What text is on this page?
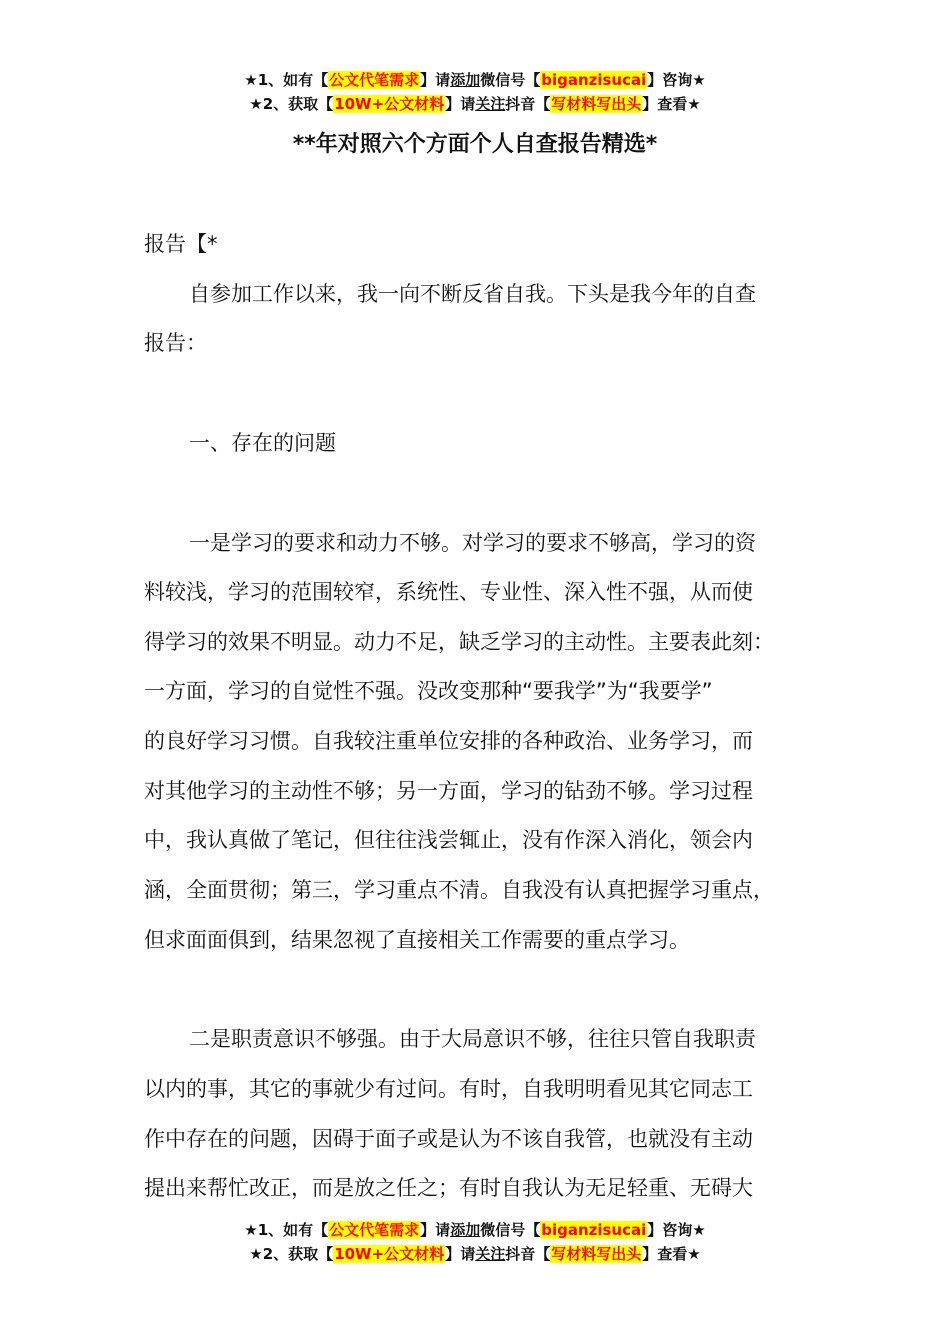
★1、如有【公文代笔需求】请添加微信号【biganzisucai】咨询★
★2、获取【10W+公文材料】请关注抖音【写材料写出头】查看★
**年对照六个方面个人自查报告精选*
报告【*
自参加工作以来，我一向不断反省自我。下头是我今年的自查
报告：
一、存在的问题
一是学习的要求和动力不够。对学习的要求不够高，学习的资
料较浅，学习的范围较窄，系统性、专业性、深入性不强，从而使
得学习的效果不明显。动力不足，缺乏学习的主动性。主要表此刻：
一方面，学习的自觉性不强。没改变那种“要我学”为“我要学”
的良好学习习惯。自我较注重单位安排的各种政治、业务学习，而
对其他学习的主动性不够；另一方面，学习的钻劲不够。学习过程
中，我认真做了笔记，但往往浅尝辄止，没有作深入消化，领会内
涵，全面贯彻；第三，学习重点不清。自我没有认真把握学习重点，
但求面面俱到，结果忽视了直接相关工作需要的重点学习。
二是职责意识不够强。由于大局意识不够，往往只管自我职责
以内的事，其它的事就少有过问。有时，自我明明看见其它同志工
作中存在的问题，因碍于面子或是认为不该自我管，也就没有主动
提出来帮忙改正，而是放之任之；有时自我认为无足轻重、无碍大
★1、如有【公文代笔需求】请添加微信号【biganzisucai】咨询★
★2、获取【10W+公文材料】请关注抖音【写材料写出头】查看★
